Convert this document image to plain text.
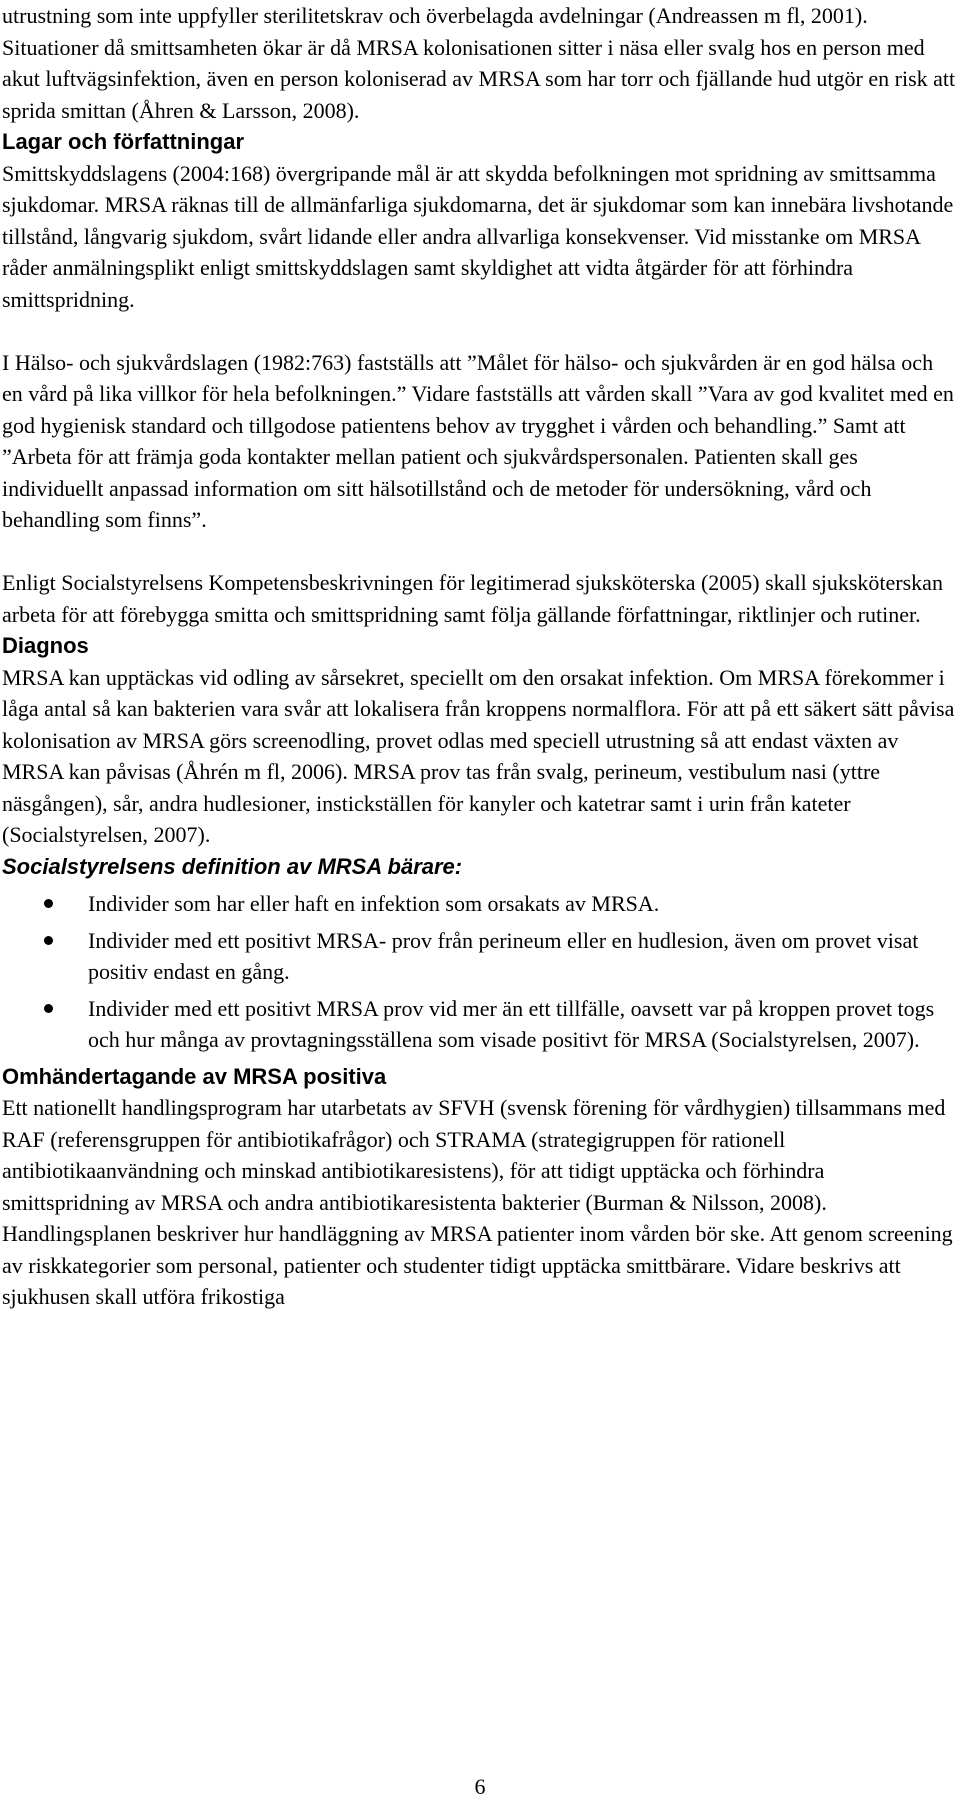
utrustning som inte uppfyller sterilitetskrav och överbelagda avdelningar (Andreassen m fl, 2001). Situationer då smittsamheten ökar är då MRSA kolonisationen sitter i näsa eller svalg hos en person med akut luftvägsinfektion, även en person koloniserad av MRSA som har torr och fjällande hud utgör en risk att sprida smittan (Åhren & Larsson, 2008).

Lagar och författningar

Smittskyddslagens (2004:168) övergripande mål är att skydda befolkningen mot spridning av smittsamma sjukdomar. MRSA räknas till de allmänfarliga sjukdomarna, det är sjukdomar som kan innebära livshotande tillstånd, långvarig sjukdom, svårt lidande eller andra allvarliga konsekvenser. Vid misstanke om MRSA råder anmälningsplikt enligt smittskyddslagen samt skyldighet att vidta åtgärder för att förhindra smittspridning.

I Hälso- och sjukvårdslagen (1982:763) fastställs att ”Målet för hälso- och sjukvården är en god hälsa och en vård på lika villkor för hela befolkningen.” Vidare fastställs att vården skall ”Vara av god kvalitet med en god hygienisk standard och tillgodose patientens behov av trygghet i vården och behandling.” Samt att ”Arbeta för att främja goda kontakter mellan patient och sjukvårdspersonalen. Patienten skall ges individuellt anpassad information om sitt hälsotillstånd och de metoder för undersökning, vård och behandling som finns”.

Enligt Socialstyrelsens Kompetensbeskrivningen för legitimerad sjuksköterska (2005) skall sjuksköterskan arbeta för att förebygga smitta och smittspridning samt följa gällande författningar, riktlinjer och rutiner.

Diagnos

MRSA kan upptäckas vid odling av sårsekret, speciellt om den orsakat infektion. Om MRSA förekommer i låga antal så kan bakterien vara svår att lokalisera från kroppens normalflora. För att på ett säkert sätt påvisa kolonisation av MRSA görs screenodling, provet odlas med speciell utrustning så att endast växten av MRSA kan påvisas (Åhrén m fl, 2006). MRSA prov tas från svalg, perineum, vestibulum nasi (yttre näsgången), sår, andra hudlesioner, instickställen för kanyler och katetrar samt i urin från kateter (Socialstyrelsen, 2007).

Socialstyrelsens definition av MRSA bärare:
Individer som har eller haft en infektion som orsakats av MRSA.
Individer med ett positivt MRSA- prov från perineum eller en hudlesion, även om provet visat positiv endast en gång.
Individer med ett positivt MRSA prov vid mer än ett tillfälle, oavsett var på kroppen provet togs och hur många av provtagningsställena som visade positivt för MRSA (Socialstyrelsen, 2007).
Omhändertagande av MRSA positiva

Ett nationellt handlingsprogram har utarbetats av SFVH (svensk förening för vårdhygien) tillsammans med RAF (referensgruppen för antibiotikafrågor) och STRAMA (strategigruppen för rationell antibiotikaanvändning och minskad antibiotikaresistens), för att tidigt upptäcka och förhindra smittspridning av MRSA och andra antibiotikaresistenta bakterier (Burman & Nilsson, 2008). Handlingsplanen beskriver hur handläggning av MRSA patienter inom vården bör ske. Att genom screening av riskkategorier som personal, patienter och studenter tidigt upptäcka smittbärare. Vidare beskrivs att sjukhusen skall utföra frikostiga

6
